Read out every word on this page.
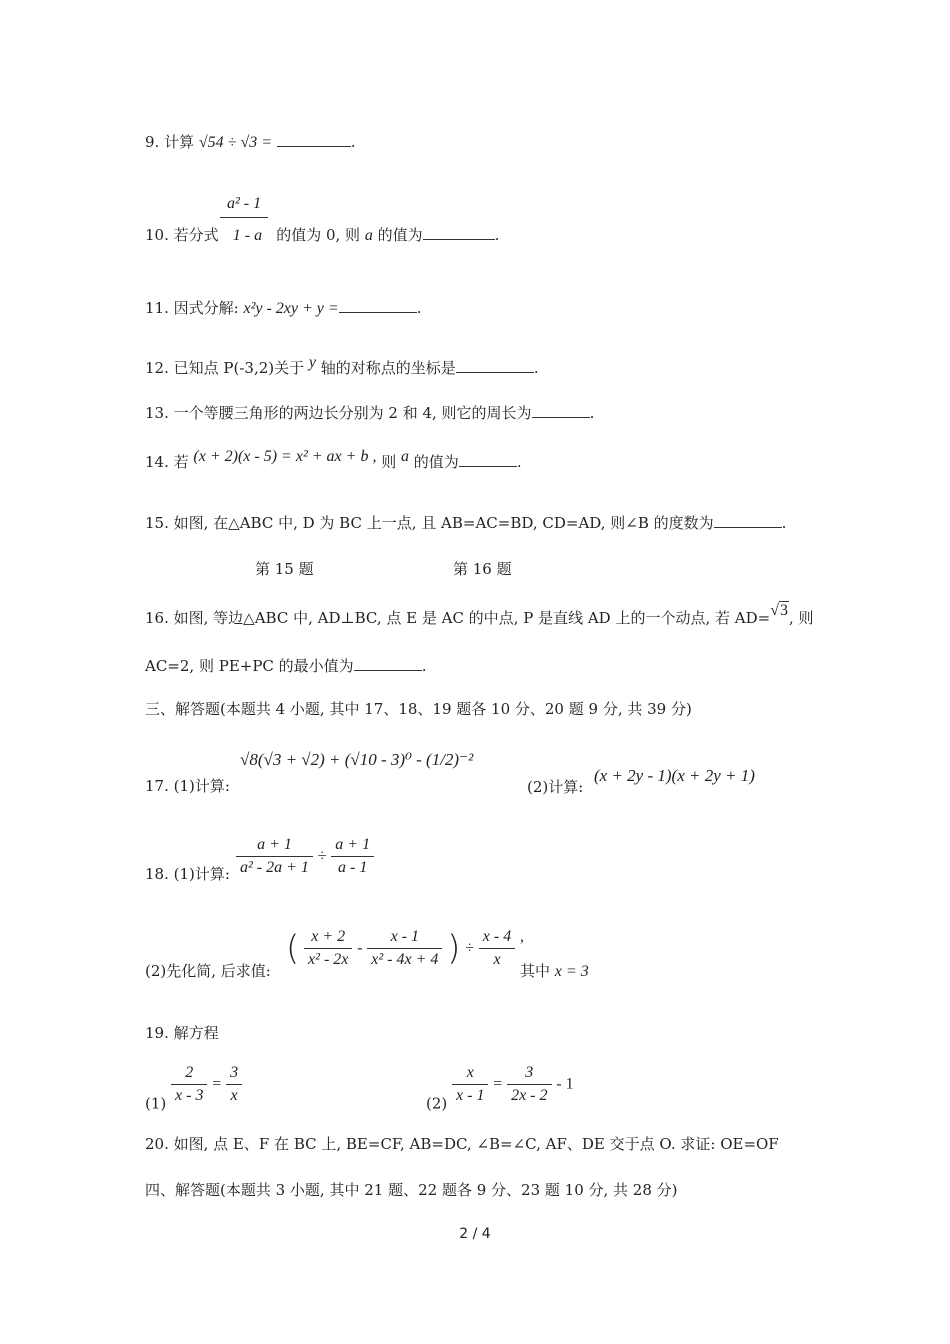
9. 计算 √54 ÷ √3 =	.
a² - 1
10. 若分式 1 - a 的值为 0, 则 a 的值为	.
11. 因式分解: x²y - 2xy + y =	.
12. 已知点 P(-3,2)关于 y 轴的对称点的坐标是	.
13. 一个等腰三角形的两边长分别为 2 和 4, 则它的周长为	.
14. 若 (x + 2)(x - 5) = x² + ax + b , 则 a 的值为	.
15. 如图, 在△ABC 中, D 为 BC 上一点, 且 AB=AC=BD, CD=AD, 则∠B 的度数为	.
第 15 题	第 16 题
16. 如图, 等边△ABC 中, AD⊥BC, 点 E 是 AC 的中点, P 是直线 AD 上的一个动点, 若 AD=√3, 则
AC=2, 则 PE+PC 的最小值为	.
三、解答题(本题共 4 小题, 其中 17、18、19 题各 10 分、20 题 9 分, 共 39 分)
17. (1)计算:
√8(√3 + √2) + (√10 - 3)⁰ - (1/2)⁻²
(2)计算:
(x + 2y - 1)(x + 2y + 1)
18. (1)计算: $\frac{a + 1}{\text{a² - 2a + 1}} \div \frac{a + 1}{a - 1}$
(2)先化简, 后求值:
( $\frac{x + 2}{\text{x² - 2x}} - \frac{x - 1}{\text{x² - 4x + 4}}$ ) ÷ $\frac{x - 4}{x}$ ,
其中 x = 3
19. 解方程
$(1) \frac{2}{x - 3} = \frac{3}{x}$	$(2) \frac{x}{x - 1} = \frac{3}{2x - 2} - 1$
20. 如图, 点 E、F 在 BC 上, BE=CF, AB=DC, ∠B=∠C, AF、DE 交于点 O. 求证: OE=OF
四、解答题(本题共 3 小题, 其中 21 题、22 题各 9 分、23 题 10 分, 共 28 分)
2 / 4
